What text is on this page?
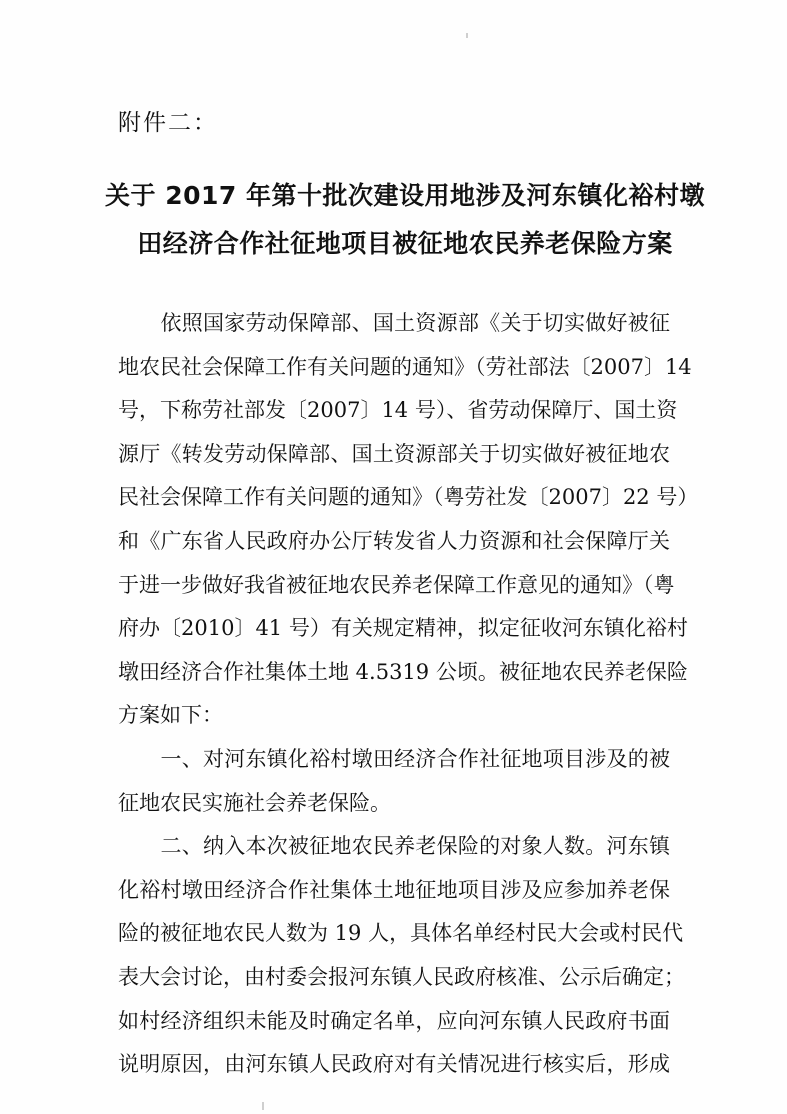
附件二：
关于 2017 年第十批次建设用地涉及河东镇化裕村墩
田经济合作社征地项目被征地农民养老保险方案
　　依照国家劳动保障部、国土资源部《关于切实做好被征
地农民社会保障工作有关问题的通知》（劳社部法〔2007〕14
号，下称劳社部发〔2007〕14 号）、省劳动保障厅、国土资
源厅《转发劳动保障部、国土资源部关于切实做好被征地农
民社会保障工作有关问题的通知》（粤劳社发〔2007〕22 号）
和《广东省人民政府办公厅转发省人力资源和社会保障厅关
于进一步做好我省被征地农民养老保障工作意见的通知》（粤
府办〔2010〕41 号）有关规定精神，拟定征收河东镇化裕村
墩田经济合作社集体土地 4.5319 公顷。被征地农民养老保险
方案如下：
　　一、对河东镇化裕村墩田经济合作社征地项目涉及的被
征地农民实施社会养老保险。
　　二、纳入本次被征地农民养老保险的对象人数。河东镇
化裕村墩田经济合作社集体土地征地项目涉及应参加养老保
险的被征地农民人数为 19 人，具体名单经村民大会或村民代
表大会讨论，由村委会报河东镇人民政府核准、公示后确定；
如村经济组织未能及时确定名单，应向河东镇人民政府书面
说明原因，由河东镇人民政府对有关情况进行核实后，形成
